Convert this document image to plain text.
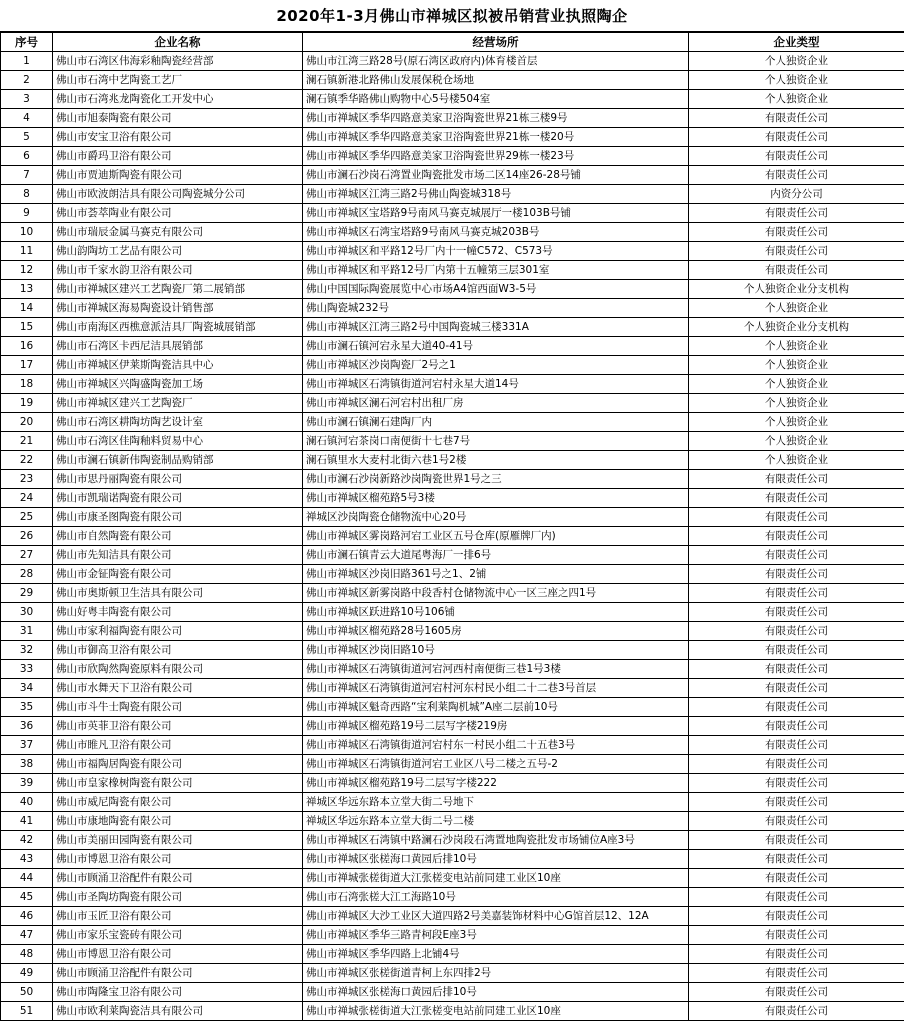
2020年1-3月佛山市禅城区拟被吊销营业执照陶企
序号	企业名称	经营场所	企业类型
1	佛山市石湾区伟海彩釉陶瓷经营部	佛山市江湾三路28号(原石湾区政府内)体育楼首层	个人独资企业
2	佛山市石湾中艺陶瓷工艺厂	澜石镇新港北路佛山发展保税仓场地	个人独资企业
3	佛山市石湾兆龙陶瓷化工开发中心	澜石镇季华路佛山购物中心5号楼504室	个人独资企业
4	佛山市旭泰陶瓷有限公司	佛山市禅城区季华四路意美家卫浴陶瓷世界21栋三楼9号	有限责任公司
5	佛山市安宝卫浴有限公司	佛山市禅城区季华四路意美家卫浴陶瓷世界21栋一楼20号	有限责任公司
6	佛山市爵玛卫浴有限公司	佛山市禅城区季华四路意美家卫浴陶瓷世界29栋一楼23号	有限责任公司
7	佛山市贾迪斯陶瓷有限公司	佛山市澜石沙岗石湾置业陶瓷批发市场二区14座26-28号铺	有限责任公司
8	佛山市欧波朗洁具有限公司陶瓷城分公司	佛山市禅城区江湾三路2号佛山陶瓷城318号	内资分公司
9	佛山市荟萃陶业有限公司	佛山市禅城区宝塔路9号南风马赛克城展厅一楼103B号铺	有限责任公司
10	佛山市瑞辰金属马赛克有限公司	佛山市禅城区石湾宝塔路9号南风马赛克城203B号	有限责任公司
11	佛山韵陶坊工艺品有限公司	佛山市禅城区和平路12号厂内十一幢C572、C573号	有限责任公司
12	佛山市千家水韵卫浴有限公司	佛山市禅城区和平路12号厂内第十五幢第三层301室	有限责任公司
13	佛山市禅城区建兴工艺陶瓷厂第二展销部	佛山中国国际陶瓷展览中心市场A4馆西面W3-5号	个人独资企业分支机构
14	佛山市禅城区海易陶瓷设计销售部	佛山陶瓷城232号	个人独资企业
15	佛山市南海区西樵意派洁具厂陶瓷城展销部	佛山市禅城区江湾三路2号中国陶瓷城三楼331A	个人独资企业分支机构
16	佛山市石湾区卡西尼洁具展销部	佛山市澜石镇河宕永星大道40-41号	个人独资企业
17	佛山市禅城区伊莱斯陶瓷洁具中心	佛山市禅城区沙岗陶瓷厂2号之1	个人独资企业
18	佛山市禅城区兴陶盛陶瓷加工场	佛山市禅城区石湾镇街道河宕村永星大道14号	个人独资企业
19	佛山市禅城区建兴工艺陶瓷厂	佛山市禅城区澜石河宕村出租厂房	个人独资企业
20	佛山市石湾区耕陶坊陶艺设计室	佛山市澜石镇澜石建陶厂内	个人独资企业
21	佛山市石湾区佳陶釉料贸易中心	澜石镇河宕茶岗口南便街十七巷7号	个人独资企业
22	佛山市澜石镇新伟陶瓷制品购销部	澜石镇里水大麦村北街六巷1号2楼	个人独资企业
23	佛山市思丹丽陶瓷有限公司	佛山市澜石沙岗新路沙岗陶瓷世界1号之三	有限责任公司
24	佛山市凯瑞诺陶瓷有限公司	佛山市禅城区榴苑路5号3楼	有限责任公司
25	佛山市康圣图陶瓷有限公司	禅城区沙岗陶瓷仓储物流中心20号	有限责任公司
26	佛山市自然陶瓷有限公司	佛山市禅城区雾岗路河宕工业区五号仓库(原雁牌厂内)	有限责任公司
27	佛山市先知洁具有限公司	佛山市澜石镇青云大道尾粤海厂一排6号	有限责任公司
28	佛山市金钲陶瓷有限公司	佛山市禅城区沙岗旧路361号之1、2铺	有限责任公司
29	佛山市奥斯顿卫生洁具有限公司	佛山市禅城区新雾岗路中段香村仓储物流中心一区三座之四1号	有限责任公司
30	佛山好粤丰陶瓷有限公司	佛山市禅城区跃进路10号106铺	有限责任公司
31	佛山市家利福陶瓷有限公司	佛山市禅城区榴苑路28号1605房	有限责任公司
32	佛山市御高卫浴有限公司	佛山市禅城区沙岗旧路10号	有限责任公司
33	佛山市欣陶然陶瓷原料有限公司	佛山市禅城区石湾镇街道河宕河西村南便街三巷1号3楼	有限责任公司
34	佛山市水舞天下卫浴有限公司	佛山市禅城区石湾镇街道河宕村河东村民小组二十二巷3号首层	有限责任公司
35	佛山市斗牛士陶瓷有限公司	佛山市禅城区魁奇西路“宝利莱陶机城”A座二层前10号	有限责任公司
36	佛山市英菲卫浴有限公司	佛山市禅城区榴苑路19号二层写字楼219房	有限责任公司
37	佛山市睢凡卫浴有限公司	佛山市禅城区石湾镇街道河宕村东一村民小组二十五巷3号	有限责任公司
38	佛山市福陶居陶瓷有限公司	佛山市禅城区石湾镇街道河宕工业区八号二楼之五号-2	有限责任公司
39	佛山市皇家橡树陶瓷有限公司	佛山市禅城区榴苑路19号二层写字楼222	有限责任公司
40	佛山市威尼陶瓷有限公司	禅城区华远东路本立堂大街二号地下	有限责任公司
41	佛山市康地陶瓷有限公司	禅城区华远东路本立堂大街二号二楼	有限责任公司
42	佛山市美丽田园陶瓷有限公司	佛山市禅城区石湾镇中路澜石沙岗段石湾置地陶瓷批发市场铺位A座3号	有限责任公司
43	佛山市博恩卫浴有限公司	佛山市禅城区张槎海口黄园后排10号	有限责任公司
44	佛山市顾涌卫浴配件有限公司	佛山市禅城张槎街道大江张槎变电站前同建工业区10座	有限责任公司
45	佛山市圣陶坊陶瓷有限公司	佛山市石湾张槎大江工海路10号	有限责任公司
46	佛山市玉匠卫浴有限公司	佛山市禅城区大沙工业区大道四路2号美嘉装饰材料中心G馆首层12、12A	有限责任公司
47	佛山市家乐宝瓷砖有限公司	佛山市禅城区季华三路青柯段E座3号	有限责任公司
48	佛山市博恩卫浴有限公司	佛山市禅城区季华四路上北铺4号	有限责任公司
49	佛山市顾涌卫浴配件有限公司	佛山市禅城区张槎街道青柯上东四排2号	有限责任公司
50	佛山市陶隆宝卫浴有限公司	佛山市禅城区张槎海口黄园后排10号	有限责任公司
51	佛山市欧利莱陶瓷洁具有限公司	佛山市禅城张槎街道大江张槎变电站前同建工业区10座	有限责任公司
